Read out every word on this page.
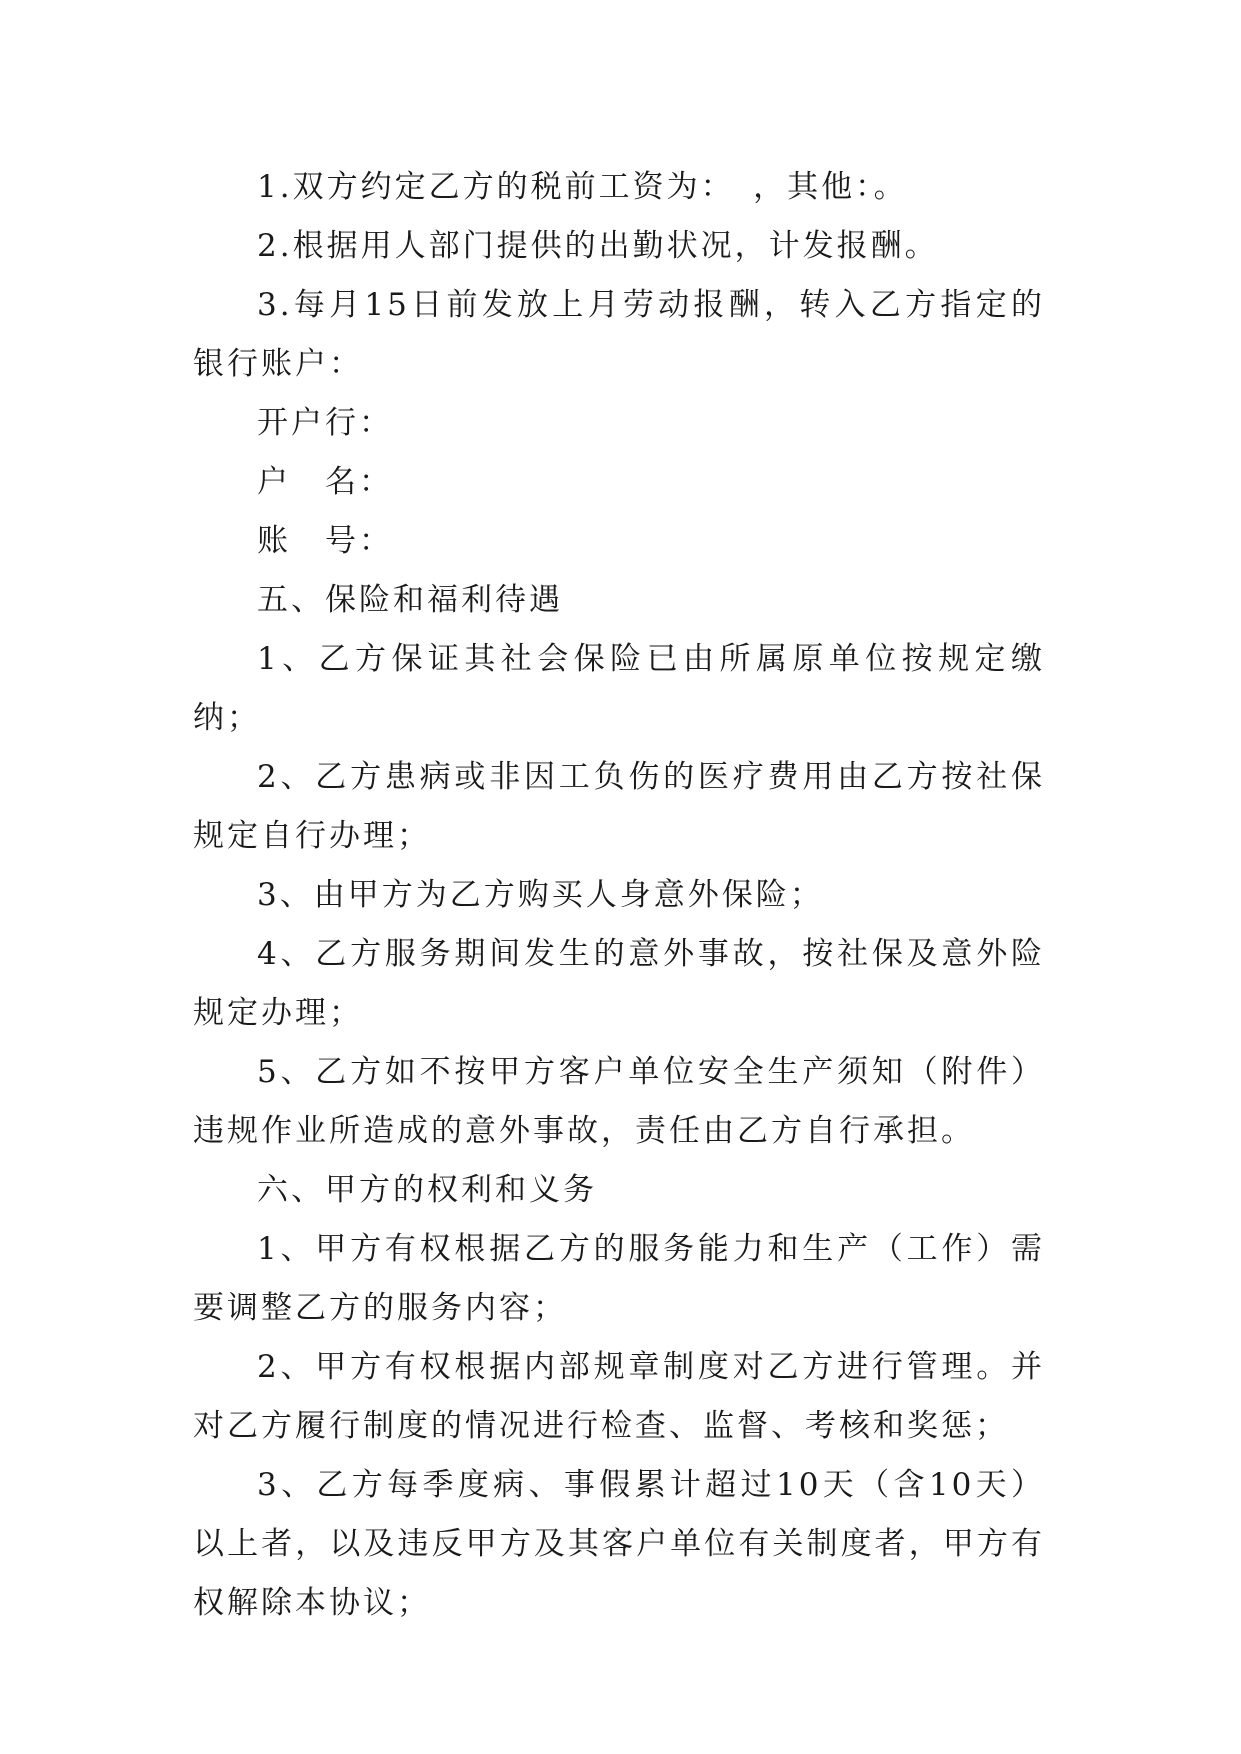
1.双方约定乙方的税前工资为：　，其他：。

2.根据用人部门提供的出勤状况，计发报酬。

3.每月15日前发放上月劳动报酬，转入乙方指定的银行账户：

开户行：

户　名：

账　号：

五、保险和福利待遇

1、乙方保证其社会保险已由所属原单位按规定缴纳；

2、乙方患病或非因工负伤的医疗费用由乙方按社保规定自行办理；

3、由甲方为乙方购买人身意外保险；

4、乙方服务期间发生的意外事故，按社保及意外险规定办理；

5、乙方如不按甲方客户单位安全生产须知（附件）违规作业所造成的意外事故，责任由乙方自行承担。

六、甲方的权利和义务

1、甲方有权根据乙方的服务能力和生产（工作）需要调整乙方的服务内容；

2、甲方有权根据内部规章制度对乙方进行管理。并对乙方履行制度的情况进行检查、监督、考核和奖惩；

3、乙方每季度病、事假累计超过10天（含10天）以上者，以及违反甲方及其客户单位有关制度者，甲方有权解除本协议；
